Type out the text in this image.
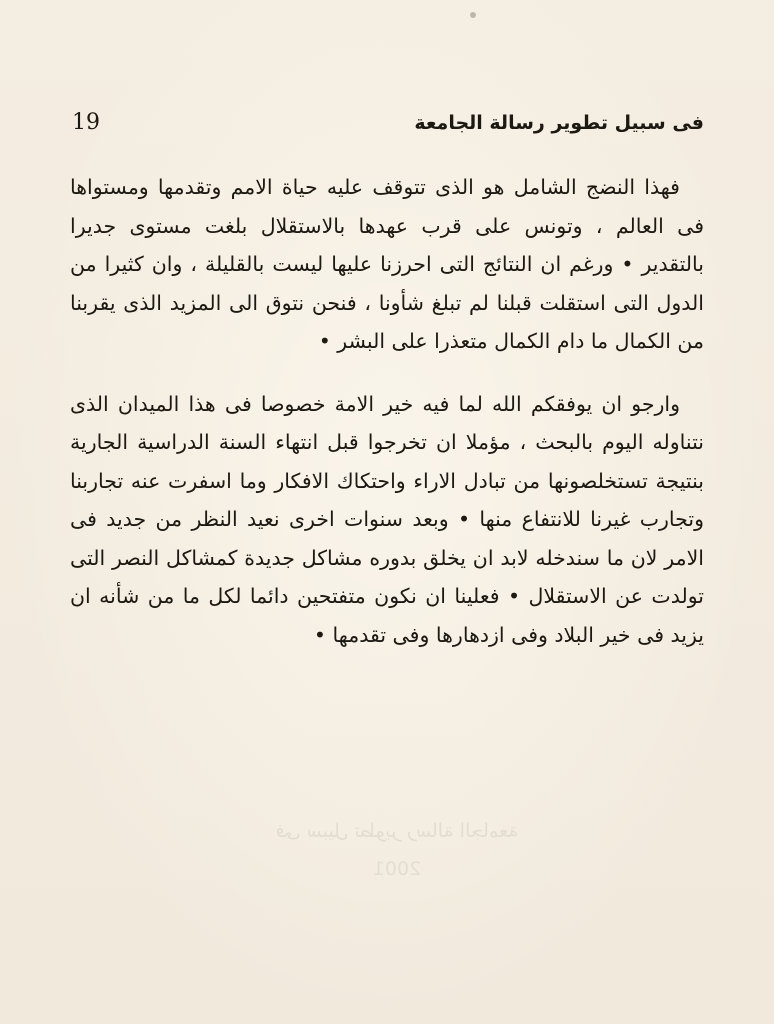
19	فى سبيل تطوير رسالة الجامعة

فهذا النضج الشامل هو الذى تتوقف عليه حياة الامم وتقدمها ومستواها فى العالم ، وتونس على قرب عهدها بالاستقلال بلغت مستوى جديرا بالتقدير • ورغم ان النتائج التى احرزنا عليها ليست بالقليلة ، وان كثيرا من الدول التى استقلت قبلنا لم تبلغ شأونا ، فنحن نتوق الى المزيد الذى يقربنا من الكمال ما دام الكمال متعذرا على البشر •

وارجو ان يوفقكم الله لما فيه خير الامة خصوصا فى هذا الميدان الذى نتناوله اليوم بالبحث ، مؤملا ان تخرجوا قبل انتهاء السنة الدراسية الجارية بنتيجة تستخلصونها من تبادل الاراء واحتكاك الافكار وما اسفرت عنه تجاربنا وتجارب غيرنا للانتفاع منها • وبعد سنوات اخرى نعيد النظر من جديد فى الامر لان ما سندخله لابد ان يخلق بدوره مشاكل جديدة كمشاكل النصر التى تولدت عن الاستقلال • فعلينا ان نكون متفتحين دائما لكل ما من شأنه ان يزيد فى خير البلاد وفى ازدهارها وفى تقدمها •

فى سبيل تطوير رسالة الجامعة
2001
